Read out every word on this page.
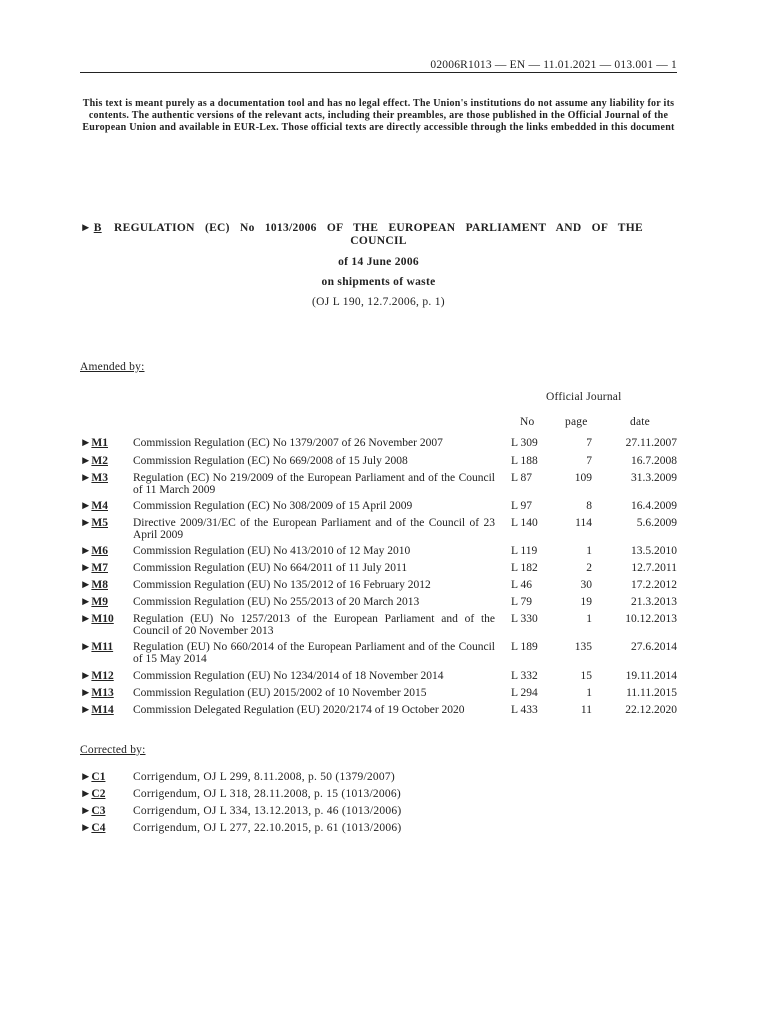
02006R1013 — EN — 11.01.2021 — 013.001 — 1
This text is meant purely as a documentation tool and has no legal effect. The Union's institutions do not assume any liability for its contents. The authentic versions of the relevant acts, including their preambles, are those published in the Official Journal of the European Union and available in EUR-Lex. Those official texts are directly accessible through the links embedded in this document
► B REGULATION (EC) No 1013/2006 OF THE EUROPEAN PARLIAMENT AND OF THE
COUNCIL
of 14 June 2006
on shipments of waste
(OJ L 190, 12.7.2006, p. 1)
Amended by:
Official Journal
No	page	date
►M1 Commission Regulation (EC) No 1379/2007 of 26 November 2007	L 309	7	27.11.2007
►M2 Commission Regulation (EC) No 669/2008 of 15 July 2008	L 188	7	16.7.2008
►M3 Regulation (EC) No 219/2009 of the European Parliament and of the Council of 11 March 2009
L 87	109	31.3.2009
►M4 Commission Regulation (EC) No 308/2009 of 15 April 2009	L 97	8	16.4.2009
►M5 Directive 2009/31/EC of the European Parliament and of the Council of 23 April 2009
L 140	114	5.6.2009
►M6 Commission Regulation (EU) No 413/2010 of 12 May 2010	L 119	1	13.5.2010
►M7 Commission Regulation (EU) No 664/2011 of 11 July 2011	L 182	2	12.7.2011
►M8 Commission Regulation (EU) No 135/2012 of 16 February 2012	L 46	30	17.2.2012
►M9 Commission Regulation (EU) No 255/2013 of 20 March 2013	L 79	19	21.3.2013
►M10 Regulation (EU) No 1257/2013 of the European Parliament and of the Council of 20 November 2013
L 330	1	10.12.2013
►M11 Regulation (EU) No 660/2014 of the European Parliament and of the Council of 15 May 2014
L 189	135	27.6.2014
►M12 Commission Regulation (EU) No 1234/2014 of 18 November 2014	L 332	15	19.11.2014
►M13 Commission Regulation (EU) 2015/2002 of 10 November 2015	L 294	1	11.11.2015
►M14 Commission Delegated Regulation (EU) 2020/2174 of 19 October 2020	L 433	11	22.12.2020
Corrected by:
►C1 Corrigendum, OJ L 299, 8.11.2008, p. 50 (1379/2007)
►C2 Corrigendum, OJ L 318, 28.11.2008, p. 15 (1013/2006)
►C3 Corrigendum, OJ L 334, 13.12.2013, p. 46 (1013/2006)
►C4 Corrigendum, OJ L 277, 22.10.2015, p. 61 (1013/2006)
